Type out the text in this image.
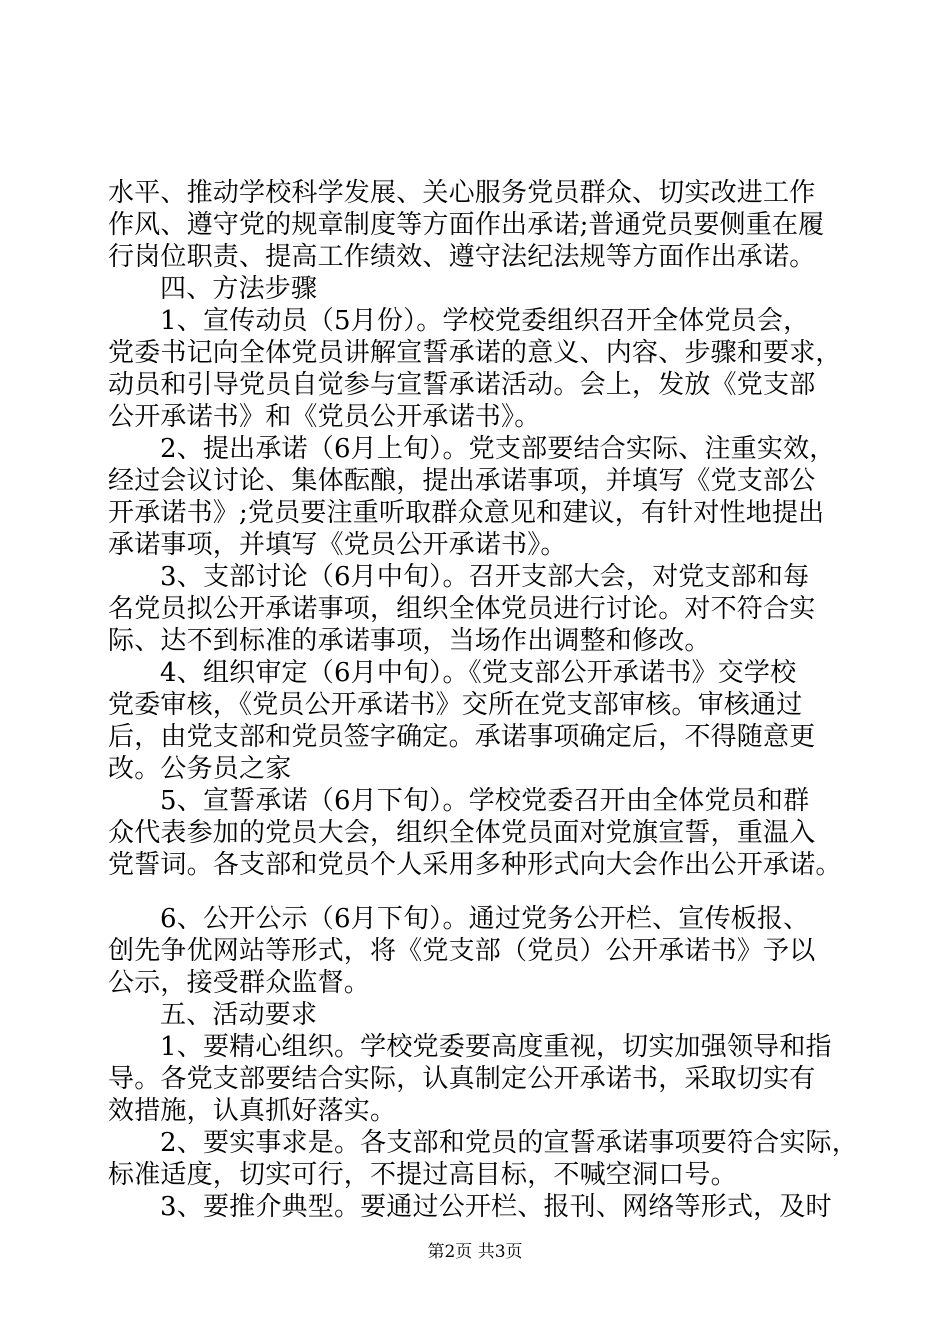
水平、推动学校科学发展、关心服务党员群众、切实改进工作
作风、遵守党的规章制度等方面作出承诺;普通党员要侧重在履
行岗位职责、提高工作绩效、遵守法纪法规等方面作出承诺。
四、方法步骤
1、宣传动员（5月份）。学校党委组织召开全体党员会，
党委书记向全体党员讲解宣誓承诺的意义、内容、步骤和要求，
动员和引导党员自觉参与宣誓承诺活动。会上，发放《党支部
公开承诺书》和《党员公开承诺书》。
2、提出承诺（6月上旬）。党支部要结合实际、注重实效，
经过会议讨论、集体酝酿，提出承诺事项，并填写《党支部公
开承诺书》;党员要注重听取群众意见和建议，有针对性地提出
承诺事项，并填写《党员公开承诺书》。
3、支部讨论（6月中旬）。召开支部大会，对党支部和每
名党员拟公开承诺事项，组织全体党员进行讨论。对不符合实
际、达不到标准的承诺事项，当场作出调整和修改。
4、组织审定（6月中旬）。《党支部公开承诺书》交学校
党委审核，《党员公开承诺书》交所在党支部审核。审核通过
后，由党支部和党员签字确定。承诺事项确定后，不得随意更
改。公务员之家
5、宣誓承诺（6月下旬）。学校党委召开由全体党员和群
众代表参加的党员大会，组织全体党员面对党旗宣誓，重温入
党誓词。各支部和党员个人采用多种形式向大会作出公开承诺。
6、公开公示（6月下旬）。通过党务公开栏、宣传板报、
创先争优网站等形式，将《党支部（党员）公开承诺书》予以
公示，接受群众监督。
五、活动要求
1、要精心组织。学校党委要高度重视，切实加强领导和指
导。各党支部要结合实际，认真制定公开承诺书，采取切实有
效措施，认真抓好落实。
2、要实事求是。各支部和党员的宣誓承诺事项要符合实际，
标准适度，切实可行，不提过高目标，不喊空洞口号。
3、要推介典型。要通过公开栏、报刊、网络等形式，及时
第2页 共3页
